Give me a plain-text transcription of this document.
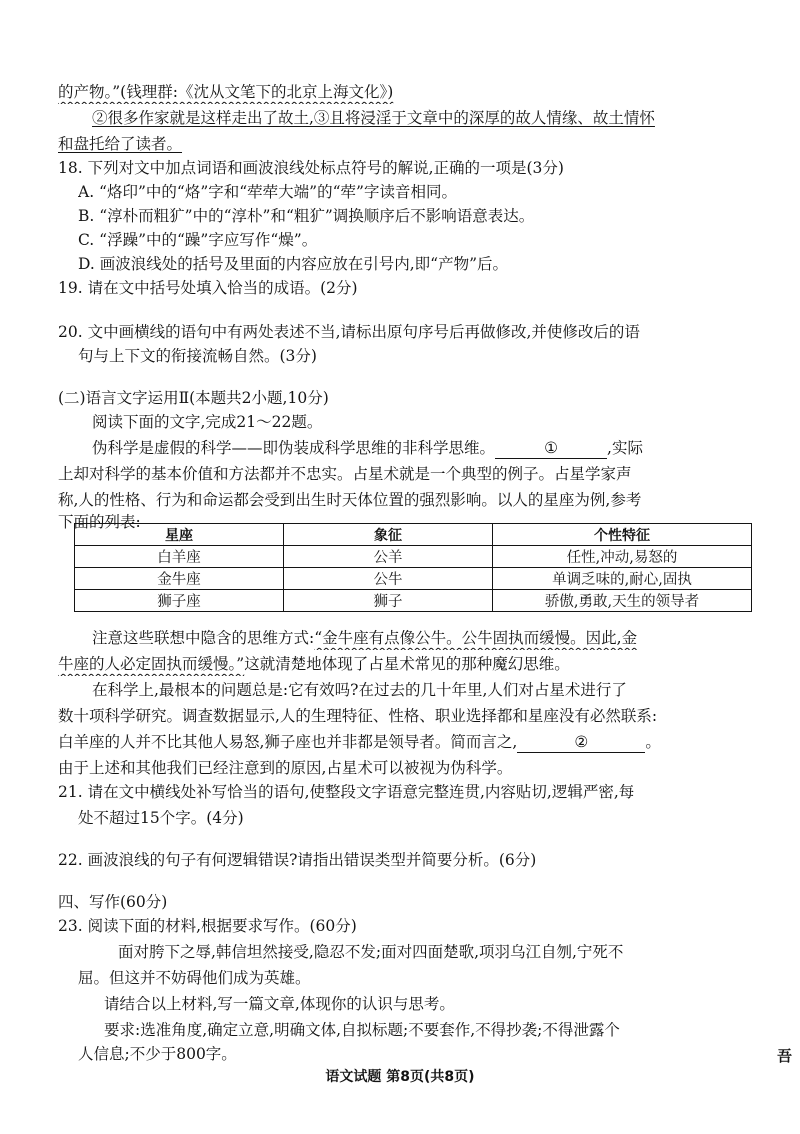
的产物。”(钱理群:《沈从文笔下的北京上海文化》)
②很多作家就是这样走出了故土,③且将浸淫于文章中的深厚的故人情缘、故土情怀
和盘托给了读者。
18. 下列对文中加点词语和画波浪线处标点符号的解说,正确的一项是(3分)
A. “烙印”中的“烙”字和“荦荦大端”的“荦”字读音相同。
B. “淳朴而粗犷”中的“淳朴”和“粗犷”调换顺序后不影响语意表达。
C. “浮躁”中的“躁”字应写作“燥”。
D. 画波浪线处的括号及里面的内容应放在引号内,即“产物”后。
19. 请在文中括号处填入恰当的成语。(2分)
20. 文中画横线的语句中有两处表述不当,请标出原句序号后再做修改,并使修改后的语
句与上下文的衔接流畅自然。(3分)
(二)语言文字运用Ⅱ(本题共2小题,10分)
阅读下面的文字,完成21～22题。
伪科学是虚假的科学——即伪装成科学思维的非科学思维。	①	,实际
上却对科学的基本价值和方法都并不忠实。占星术就是一个典型的例子。占星学家声
称,人的性格、行为和命运都会受到出生时天体位置的强烈影响。以人的星座为例,参考
下面的列表:
星座	象征	个性特征
白羊座	公羊	任性,冲动,易怒的
金牛座	公牛	单调乏味的,耐心,固执
狮子座	狮子	骄傲,勇敢,天生的领导者
注意这些联想中隐含的思维方式:“金牛座有点像公牛。公牛固执而缓慢。因此,金
牛座的人必定固执而缓慢。”这就清楚地体现了占星术常见的那种魔幻思维。
在科学上,最根本的问题总是:它有效吗?在过去的几十年里,人们对占星术进行了
数十项科学研究。调查数据显示,人的生理特征、性格、职业选择都和星座没有必然联系:
白羊座的人并不比其他人易怒,狮子座也并非都是领导者。简而言之,	②	。
由于上述和其他我们已经注意到的原因,占星术可以被视为伪科学。
21. 请在文中横线处补写恰当的语句,使整段文字语意完整连贯,内容贴切,逻辑严密,每
处不超过15个字。(4分)
22. 画波浪线的句子有何逻辑错误?请指出错误类型并简要分析。(6分)
四、写作(60分)
23. 阅读下面的材料,根据要求写作。(60分)
面对胯下之辱,韩信坦然接受,隐忍不发;面对四面楚歌,项羽乌江自刎,宁死不
屈。但这并不妨碍他们成为英雄。
请结合以上材料,写一篇文章,体现你的认识与思考。
要求:选准角度,确定立意,明确文体,自拟标题;不要套作,不得抄袭;不得泄露个
人信息;不少于800字。	吾
语文试题 第8页(共8页)
